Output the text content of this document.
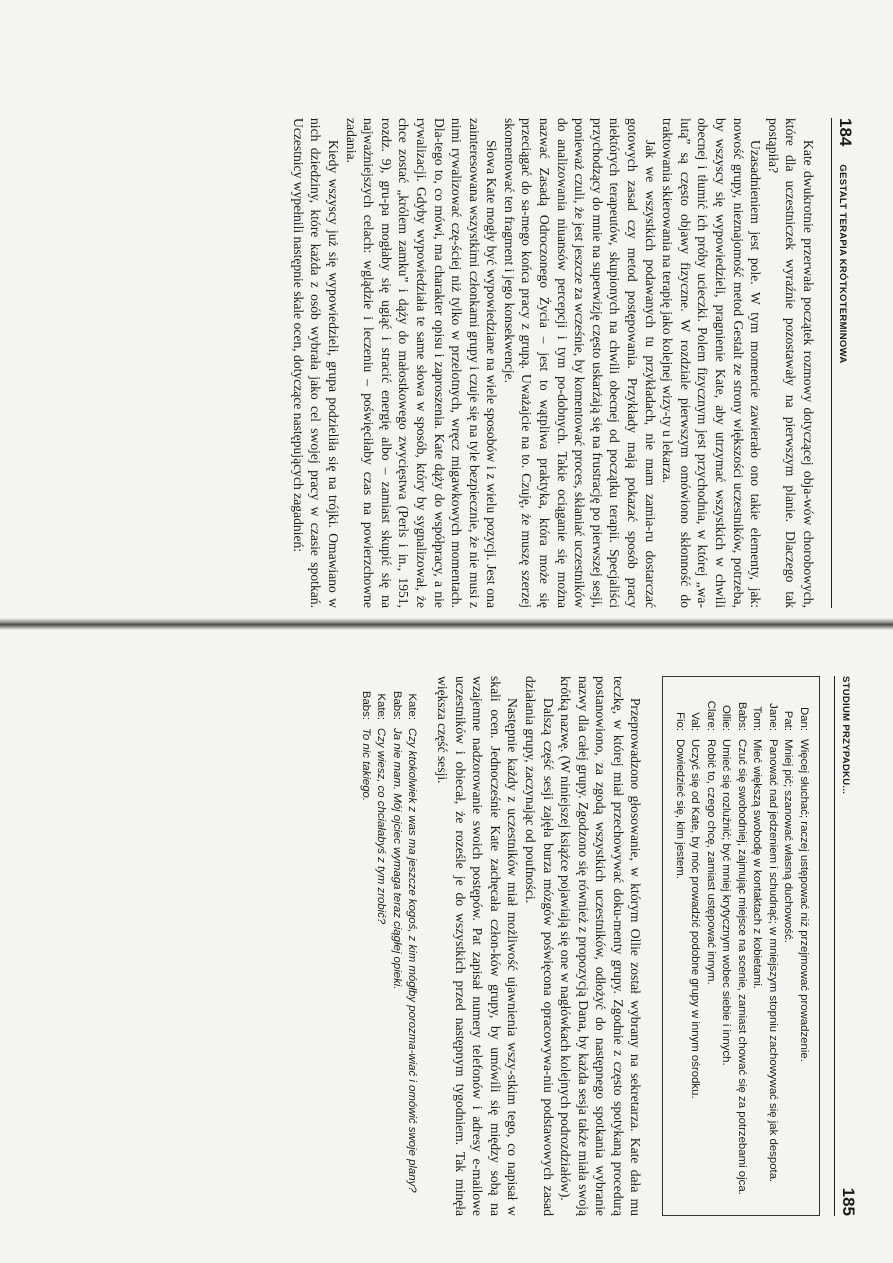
184
GESTALT TERAPIA KRÓTKOTERMINOWA

Kate dwukrotnie przerwała początek rozmowy dotyczącej obja-wów chorobowych, które dla uczestniczek wyraźnie pozostawały na pierwszym planie. Dlaczego tak postąpiła?

Uzasadnieniem jest pole. W tym momencie zawierało ono takie elementy, jak: nowość grupy, nieznajomość metod Gestalt ze strony większości uczestników, potrzeba, by wszyscy się wypowiedzieli, pragnienie Kate, aby utrzymać wszystkich w chwili obecnej i tłumić ich próby ucieczki. Polem fizycznym jest przychodnia, w której „wa-lutą” są często objawy fizyczne. W rozdziale pierwszym omówiono skłonność do traktowania skierowania na terapię jako kolejnej wizy-ty u lekarza.

Jak we wszystkich podawanych tu przykładach, nie mam zamia-ru dostarczać gotowych zasad czy metod postępowania. Przykłady mają pokazać sposób pracy niektórych terapeutów, skupionych na chwili obecnej od początku terapii. Specjaliści przychodzący do mnie na superwizję często uskarżają się na frustrację po pierwszej sesji, ponieważ czuli, że jest jeszcze za wcześnie, by komentować proces, skłaniać uczestników do analizowania niuansów percepcji i tym po-dobnych. Takie ociąganie się można nazwać Zasadą Odroczonego Życia – jest to wątpliwa praktyka, która może się przeciągać do sa-mego końca pracy z grupą. Uważajcie na to. Czuję, że muszę szerzej skomentować ten fragment i jego konsekwencje.

Słowa Kate mogły być wypowiedziane na wiele sposobów i z wielu pozycji. Jest ona zainteresowana wszystkimi członkami grupy i czuje się na tyle bezpiecznie, że nie musi z nimi rywalizować czę-ściej niż tylko w przelotnych, wręcz migawkowych momentach. Dla-tego to, co mówi, ma charakter opisu i zaproszenia. Kate dąży do współpracy, a nie rywalizacji. Gdyby wypowiedziała te same słowa w sposób, który by sygnalizował, że chce zostać „królem zamku” i dąży do małostkowego zwycięstwa (Perls i in., 1951, rozdz. 9), gru-pa mogłaby się ugiąć i stracić energię albo – zamiast skupić się na najważniejszych celach: wglądzie i leczeniu – poświęciłaby czas na powierzchowne zadania.

Kiedy wszyscy już się wypowiedzieli, grupa podzieliła się na trójki. Omawiano w nich dziedziny, które każda z osób wybrała jako cel swojej pracy w czasie spotkań. Uczestnicy wypełnili następnie skale ocen, dotyczące następujących zagadnień:

STUDIUM PRZYPADKU...
185
Dan:
Więcej słuchać; raczej ustępować niż przejmować prowadzenie.
Pat:
Mniej pić; szanować własną duchowość.
Jane:
Panować nad jedzeniem i schudnąć; w mniejszym stopniu zachowywać się jak despota.
Tom:
Mieć większą swobodę w kontaktach z kobietami.
Babs:
Czuć się swobodniej, zajmując miejsce na scenie, zamiast chować się za potrzebami ojca.
Ollie:
Umieć się rozluźnić; być mniej krytycznym wobec siebie i innych.
Clare:
Robić to, czego chcę, zamiast ustępować innym.
Val:
Uczyć się od Kate, by móc prowadzić podobne grupy w innym ośrodku.
Fio:
Dowiedzieć się, kim jestem.

Przeprowadzono głosowanie, w którym Ollie został wybrany na sekretarza. Kate dała mu teczkę, w której miał przechowywać doku-menty grupy. Zgodnie z często spotykaną procedurą postanowiono, za zgodą wszystkich uczestników, odłożyć do następnego spotkania wybranie nazwy dla całej grupy. Zgodzono się również z propozycją Dana, by każda sesja także miała swoją krótką nazwę. (W niniejszej książce pojawiają się one w nagłówkach kolejnych podrozdziałów).

Dalszą część sesji zajęła burza mózgów poświęcona opracowywa-niu podstawowych zasad działania grupy, zaczynając od poufności.

Następnie każdy z uczestników miał możliwość ujawnienia wszy-stkim tego, co napisał w skali ocen. Jednocześnie Kate zachęcała człon-ków grupy, by umówili się między sobą na wzajemne nadzorowanie swoich postępów. Pat zapisał numery telefonów i adresy e-mailowe uczestników i obiecał, że roześle je do wszystkich przed następnym tygodniem. Tak minęła większa część sesji.

Kate:
Czy ktokolwiek z was ma jeszcze kogoś, z kim mógłby porozma-wiać i omówić swoje plany?
Babs:
Ja nie mam. Mój ojciec wymaga teraz ciągłej opieki.
Kate:
Czy wiesz, co chciałabyś z tym zrobić?
Babs:
To nic takiego.
